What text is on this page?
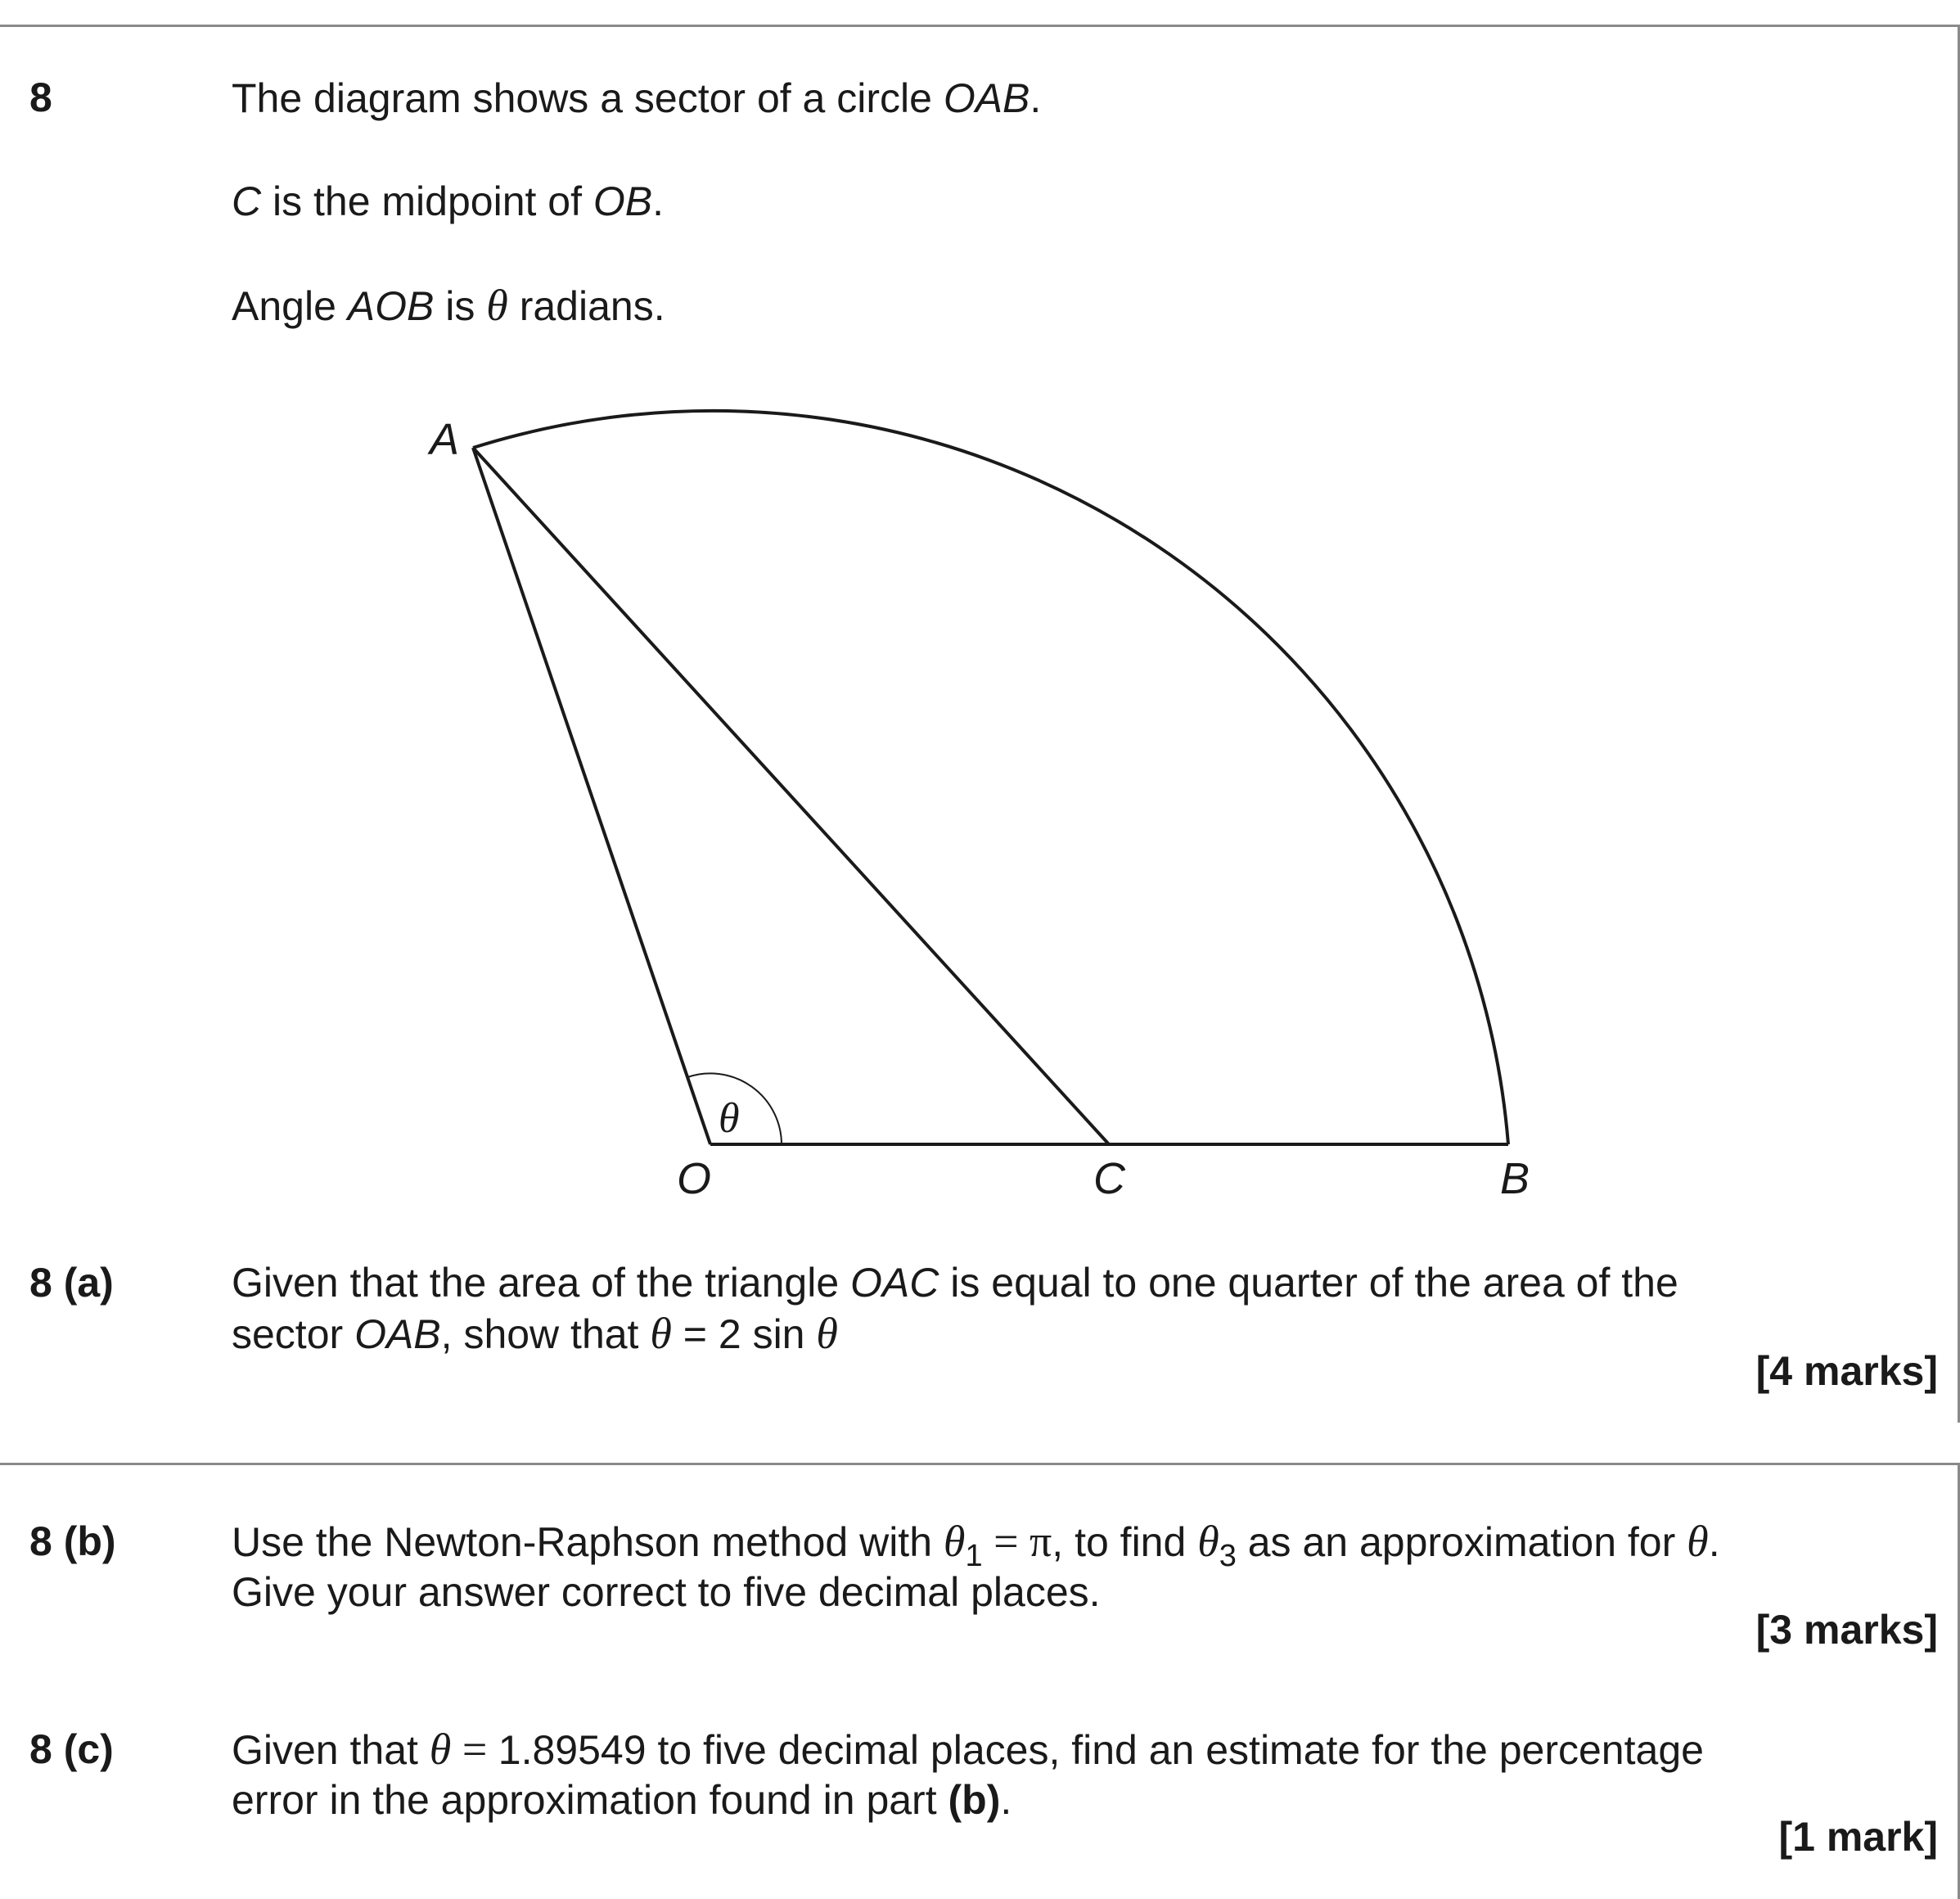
8	The diagram shows a sector of a circle OAB.
C is the midpoint of OB.
Angle AOB is θ radians.
A
O	C	B
θ
8 (a)	Given that the area of the triangle OAC is equal to one quarter of the area of the
sector OAB, show that θ = 2 sin θ
[4 marks]
8 (b)	Use the Newton-Raphson method with $\theta_1 = \pi$, to find $\theta_3$ as an approximation for θ.
Give your answer correct to five decimal places.
[3 marks]
8 (c)	Given that θ = 1.89549 to five decimal places, find an estimate for the percentage
error in the approximation found in part (b).
[1 mark]
